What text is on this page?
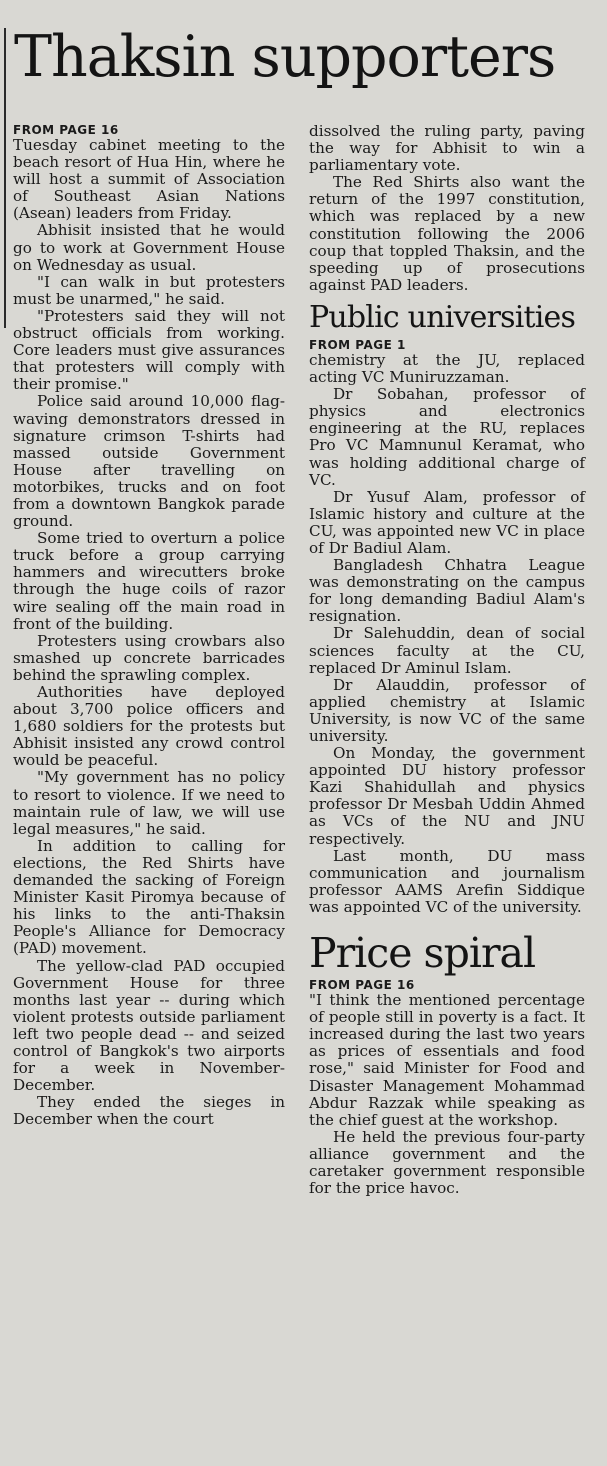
Thaksin supporters
FROM PAGE 16

Tuesday cabinet meeting to the beach resort of Hua Hin, where he will host a summit of Association of Southeast Asian Nations (Asean) leaders from Friday.

Abhisit insisted that he would go to work at Government House on Wednesday as usual.

"I can walk in but protesters must be unarmed," he said.

"Protesters said they will not obstruct officials from working. Core leaders must give assurances that protesters will comply with their promise."

Police said around 10,000 flag-waving demonstrators dressed in signature crimson T-shirts had massed outside Government House after travelling on motorbikes, trucks and on foot from a downtown Bangkok parade ground.

Some tried to overturn a police truck before a group carrying hammers and wirecutters broke through the huge coils of razor wire sealing off the main road in front of the building.

Protesters using crowbars also smashed up concrete barricades behind the sprawling complex.

Authorities have deployed about 3,700 police officers and 1,680 soldiers for the protests but Abhisit insisted any crowd control would be peaceful.

"My government has no policy to resort to violence. If we need to maintain rule of law, we will use legal measures," he said.

In addition to calling for elections, the Red Shirts have demanded the sacking of Foreign Minister Kasit Piromya because of his links to the anti-Thaksin People's Alliance for Democracy (PAD) movement.

The yellow-clad PAD occupied Government House for three months last year -- during which violent protests outside parliament left two people dead -- and seized control of Bangkok's two airports for a week in November-December.

They ended the sieges in December when the court

dissolved the ruling party, paving the way for Abhisit to win a parliamentary vote.

The Red Shirts also want the return of the 1997 constitution, which was replaced by a new constitution following the 2006 coup that toppled Thaksin, and the speeding up of prosecutions against PAD leaders.

Public universities
FROM PAGE 1

chemistry at the JU, replaced acting VC Muniruzzaman.

Dr Sobahan, professor of physics and electronics engineering at the RU, replaces Pro VC Mamnunul Keramat, who was holding additional charge of VC.

Dr Yusuf Alam, professor of Islamic history and culture at the CU, was appointed new VC in place of Dr Badiul Alam.

Bangladesh Chhatra League was demonstrating on the campus for long demanding Badiul Alam's resignation.

Dr Salehuddin, dean of social sciences faculty at the CU, replaced Dr Aminul Islam.

Dr Alauddin, professor of applied chemistry at Islamic University, is now VC of the same university.

On Monday, the government appointed DU history professor Kazi Shahidullah and physics professor Dr Mesbah Uddin Ahmed as VCs of the NU and JNU respectively.

Last month, DU mass communication and journalism professor AAMS Arefin Siddique was appointed VC of the university.

Price spiral
FROM PAGE 16

"I think the mentioned percentage of people still in poverty is a fact. It increased during the last two years as prices of essentials and food rose," said Minister for Food and Disaster Management Mohammad Abdur Razzak while speaking as the chief guest at the workshop.

He held the previous four-party alliance government and the caretaker government responsible for the price havoc.
